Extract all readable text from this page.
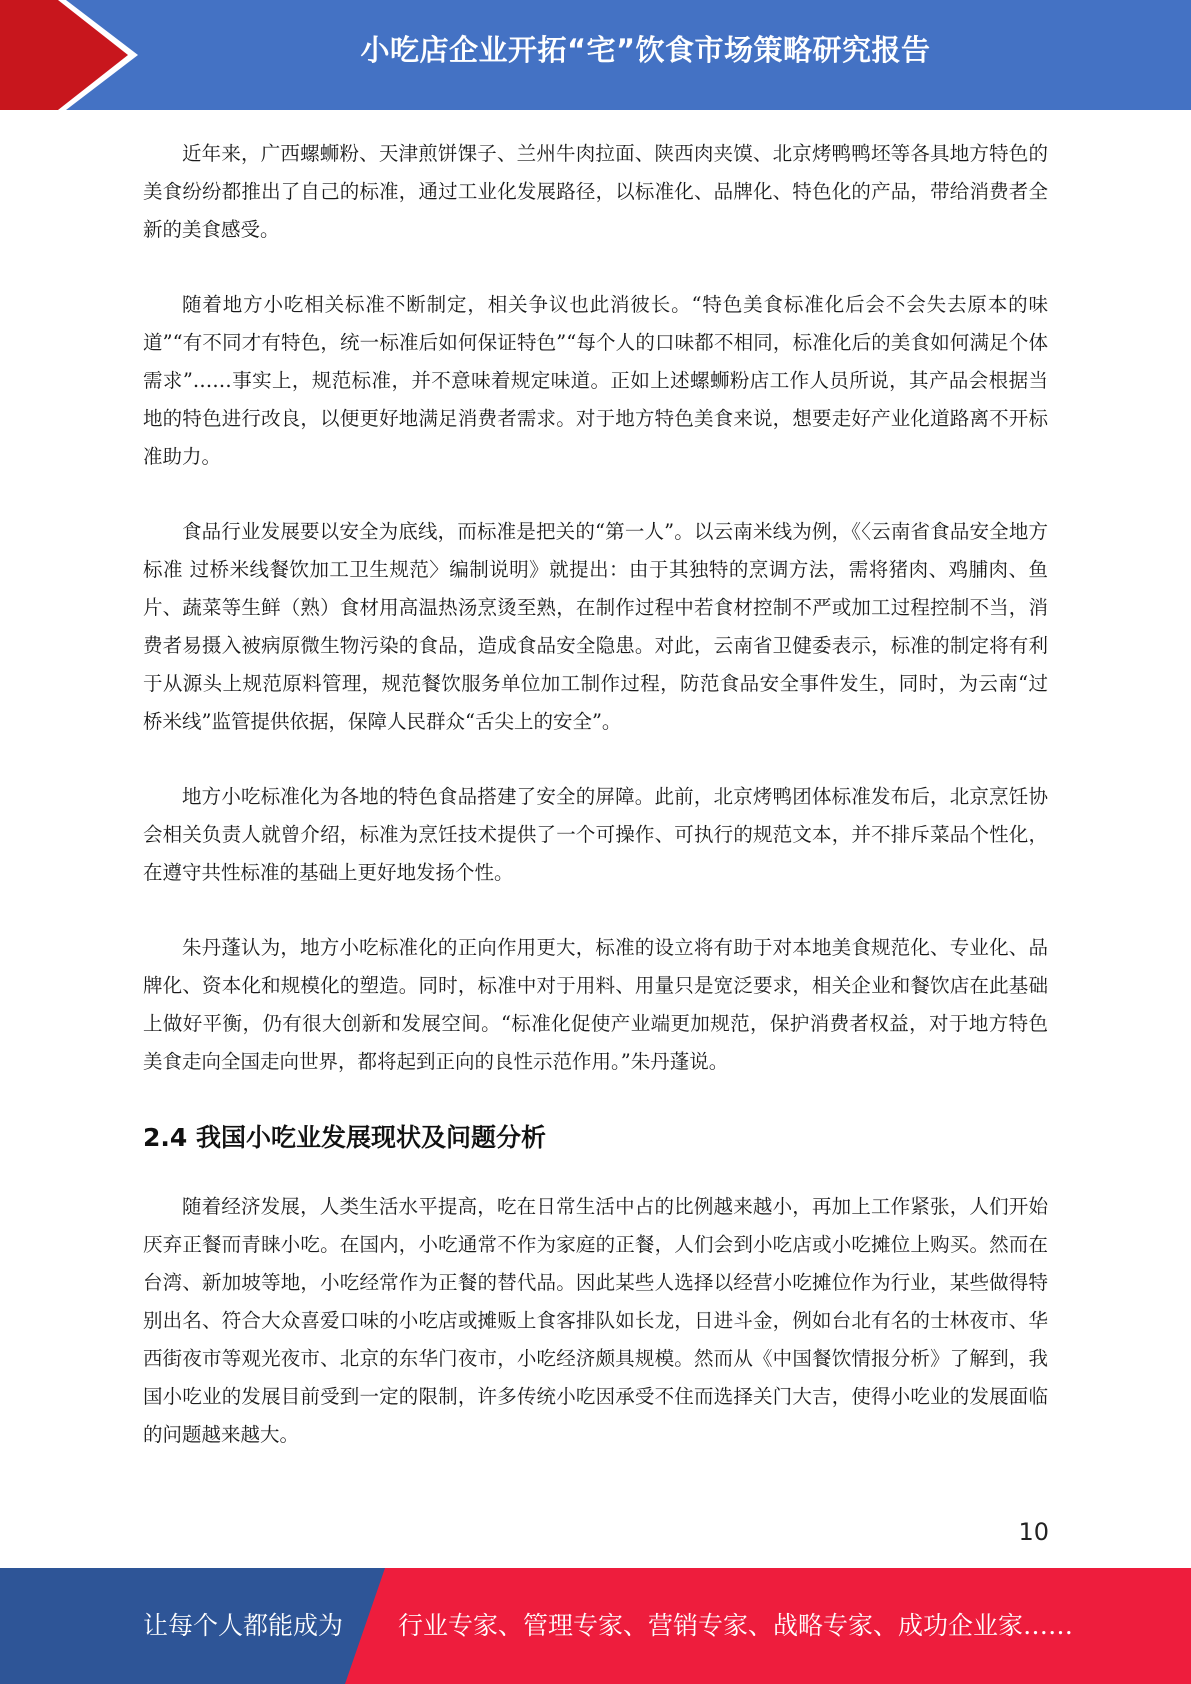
小吃店企业开拓“宅”饮食市场策略研究报告

近年来，广西螺蛳粉、天津煎饼馃子、兰州牛肉拉面、陕西肉夹馍、北京烤鸭鸭坯等各具地方特色的美食纷纷都推出了自己的标准，通过工业化发展路径，以标准化、品牌化、特色化的产品，带给消费者全新的美食感受。

随着地方小吃相关标准不断制定，相关争议也此消彼长。“特色美食标准化后会不会失去原本的味道”“有不同才有特色，统一标准后如何保证特色”“每个人的口味都不相同，标准化后的美食如何满足个体需求”……事实上，规范标准，并不意味着规定味道。正如上述螺蛳粉店工作人员所说，其产品会根据当地的特色进行改良，以便更好地满足消费者需求。对于地方特色美食来说，想要走好产业化道路离不开标准助力。

食品行业发展要以安全为底线，而标准是把关的“第一人”。以云南米线为例，《〈云南省食品安全地方标准 过桥米线餐饮加工卫生规范〉编制说明》就提出：由于其独特的烹调方法，需将猪肉、鸡脯肉、鱼片、蔬菜等生鲜（熟）食材用高温热汤烹烫至熟，在制作过程中若食材控制不严或加工过程控制不当，消费者易摄入被病原微生物污染的食品，造成食品安全隐患。对此，云南省卫健委表示，标准的制定将有利于从源头上规范原料管理，规范餐饮服务单位加工制作过程，防范食品安全事件发生，同时，为云南“过桥米线”监管提供依据，保障人民群众“舌尖上的安全”。

地方小吃标准化为各地的特色食品搭建了安全的屏障。此前，北京烤鸭团体标准发布后，北京烹饪协会相关负责人就曾介绍，标准为烹饪技术提供了一个可操作、可执行的规范文本，并不排斥菜品个性化，在遵守共性标准的基础上更好地发扬个性。

朱丹蓬认为，地方小吃标准化的正向作用更大，标准的设立将有助于对本地美食规范化、专业化、品牌化、资本化和规模化的塑造。同时，标准中对于用料、用量只是宽泛要求，相关企业和餐饮店在此基础上做好平衡，仍有很大创新和发展空间。“标准化促使产业端更加规范，保护消费者权益，对于地方特色美食走向全国走向世界，都将起到正向的良性示范作用。”朱丹蓬说。

2.4 我国小吃业发展现状及问题分析

随着经济发展，人类生活水平提高，吃在日常生活中占的比例越来越小，再加上工作紧张，人们开始厌弃正餐而青睐小吃。在国内，小吃通常不作为家庭的正餐，人们会到小吃店或小吃摊位上购买。然而在台湾、新加坡等地，小吃经常作为正餐的替代品。因此某些人选择以经营小吃摊位作为行业，某些做得特别出名、符合大众喜爱口味的小吃店或摊贩上食客排队如长龙，日进斗金，例如台北有名的士林夜市、华西街夜市等观光夜市、北京的东华门夜市，小吃经济颇具规模。然而从《中国餐饮情报分析》了解到，我国小吃业的发展目前受到一定的限制，许多传统小吃因承受不住而选择关门大吉，使得小吃业的发展面临的问题越来越大。

10
让每个人都能成为 行业专家、管理专家、营销专家、战略专家、成功企业家……
